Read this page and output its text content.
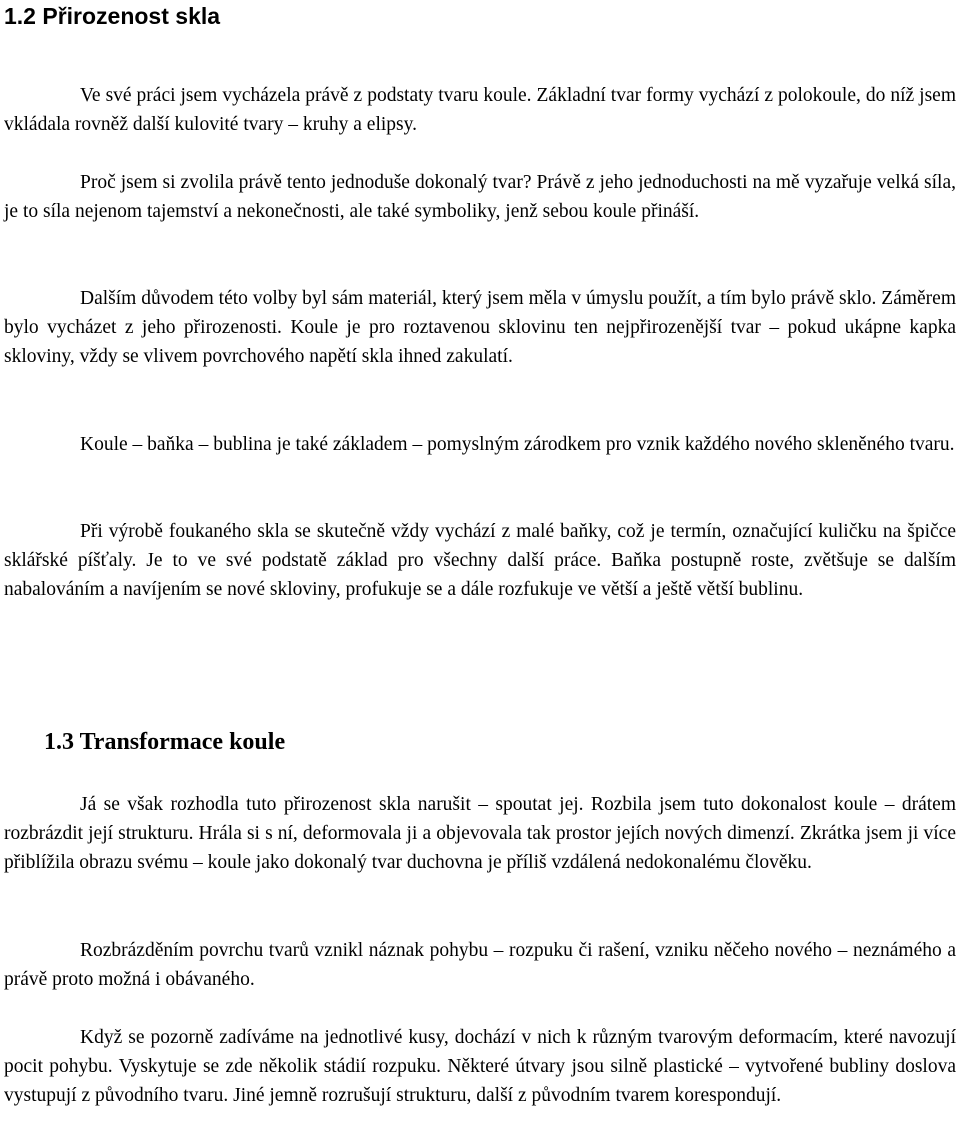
1.2 Přirozenost skla

Ve své práci jsem vycházela právě z podstaty tvaru koule. Základní tvar formy vychází z polokoule, do níž jsem vkládala rovněž další kulovité tvary – kruhy a elipsy.

Proč jsem si zvolila právě tento jednoduše dokonalý tvar? Právě z jeho jednoduchosti na mě vyzařuje velká síla, je to síla nejenom tajemství a nekonečnosti, ale také symboliky, jenž sebou koule přináší.

Dalším důvodem této volby byl sám materiál, který jsem měla v úmyslu použít, a tím bylo právě sklo. Záměrem bylo vycházet z jeho přirozenosti. Koule je pro roztavenou sklovinu ten nejpřirozenější tvar – pokud ukápne kapka skloviny, vždy se vlivem povrchového napětí skla ihned zakulatí.

Koule – baňka – bublina je také základem – pomyslným zárodkem pro vznik každého nového skleněného tvaru.

Při výrobě foukaného skla se skutečně vždy vychází z malé baňky, což je termín, označující kuličku na špičce sklářské píšťaly. Je to ve své podstatě základ pro všechny další práce. Baňka postupně roste, zvětšuje se dalším nabalováním a navíjením se nové skloviny, profukuje se a dále rozfukuje ve větší a ještě větší bublinu.

1.3 Transformace koule

Já se však rozhodla tuto přirozenost skla narušit – spoutat jej. Rozbila jsem tuto dokonalost koule – drátem rozbrázdit její strukturu. Hrála si s ní, deformovala ji a objevovala tak prostor jejích nových dimenzí. Zkrátka jsem ji více přiblížila obrazu svému – koule jako dokonalý tvar duchovna je příliš vzdálená nedokonalému člověku.

Rozbrázděním povrchu tvarů vznikl náznak pohybu – rozpuku či rašení, vzniku něčeho nového – neznámého a právě proto možná i obávaného.

Když se pozorně zadíváme na jednotlivé kusy, dochází v nich k různým tvarovým deformacím, které navozují pocit pohybu. Vyskytuje se zde několik stádií rozpuku. Některé útvary jsou silně plastické – vytvořené bubliny doslova vystupují z původního tvaru. Jiné jemně rozrušují strukturu, další z původním tvarem korespondují.
